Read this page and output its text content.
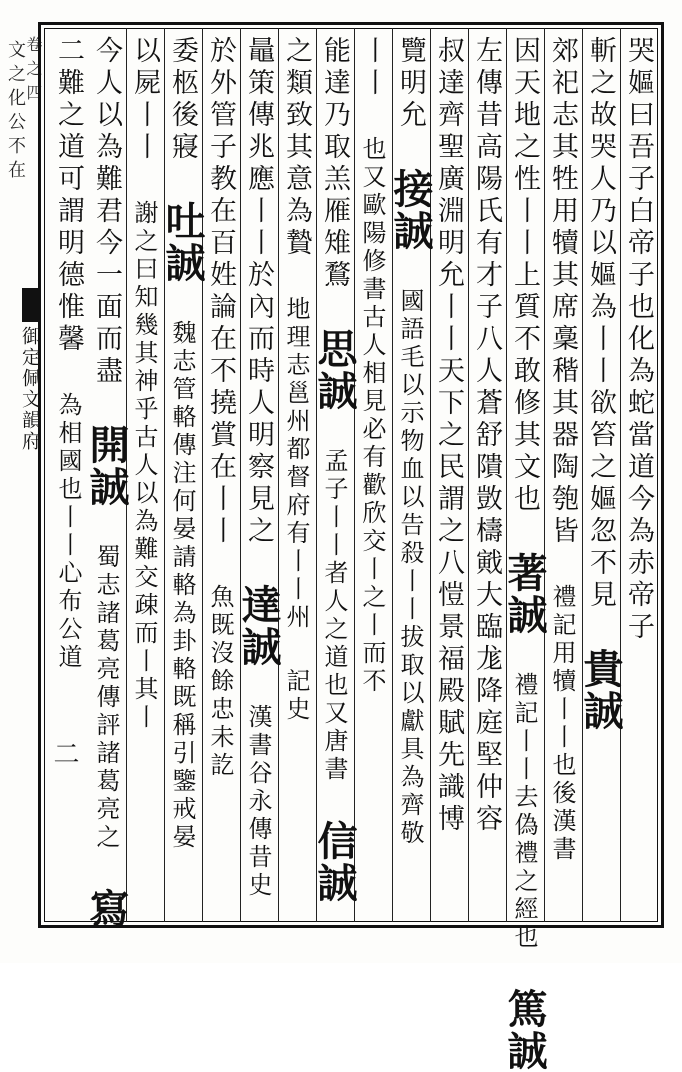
文之化公不在
卷之四
御定佩文韻府
二
哭嫗曰吾子白帝子也化為蛇當道今為赤帝子
斬之故哭人乃以嫗為丨丨欲笞之嫗忽不見 貴誠
郊祀志其牲用犢其席稾稭其器陶匏皆 禮記用犢丨丨也後漢書
因天地之性丨丨上質不敢修其文也 著誠 禮記丨丨去偽禮之經也 篤誠
左傳昔高陽氏有才子八人蒼舒隤敳檮戭大臨尨降庭堅仲容
叔達齊聖廣淵明允丨丨天下之民謂之八愷景福殿賦先識博
覽明允 接誠 國語毛以示物血以告殺丨丨拔取以獻具為齊敬
丨丨 也又歐陽修書古人相見必有歡欣交丨之丨而不
能達乃取羔雁雉鶩 思誠 孟子丨丨者人之道也又唐書 信誠
之類致其意為贄 地理志邕州都督府有丨丨州 記史
鼂策傳兆應丨丨於內而時人明察見之 達誠 漢書谷永傳昔史
於外管子教在百姓論在不撓賞在丨丨 魚既沒餘忠未訖
委柩後寢 吐誠 魏志管輅傳注何晏請輅為卦輅既稱引鑒戒晏
以屍丨丨 謝之曰知幾其神乎古人以為難交疎而丨其丨
今人以為難君今一面而盡 開誠 蜀志諸葛亮傳評諸葛亮之 寫
二難之道可謂明德惟馨 為相國也丨丨心布公道
